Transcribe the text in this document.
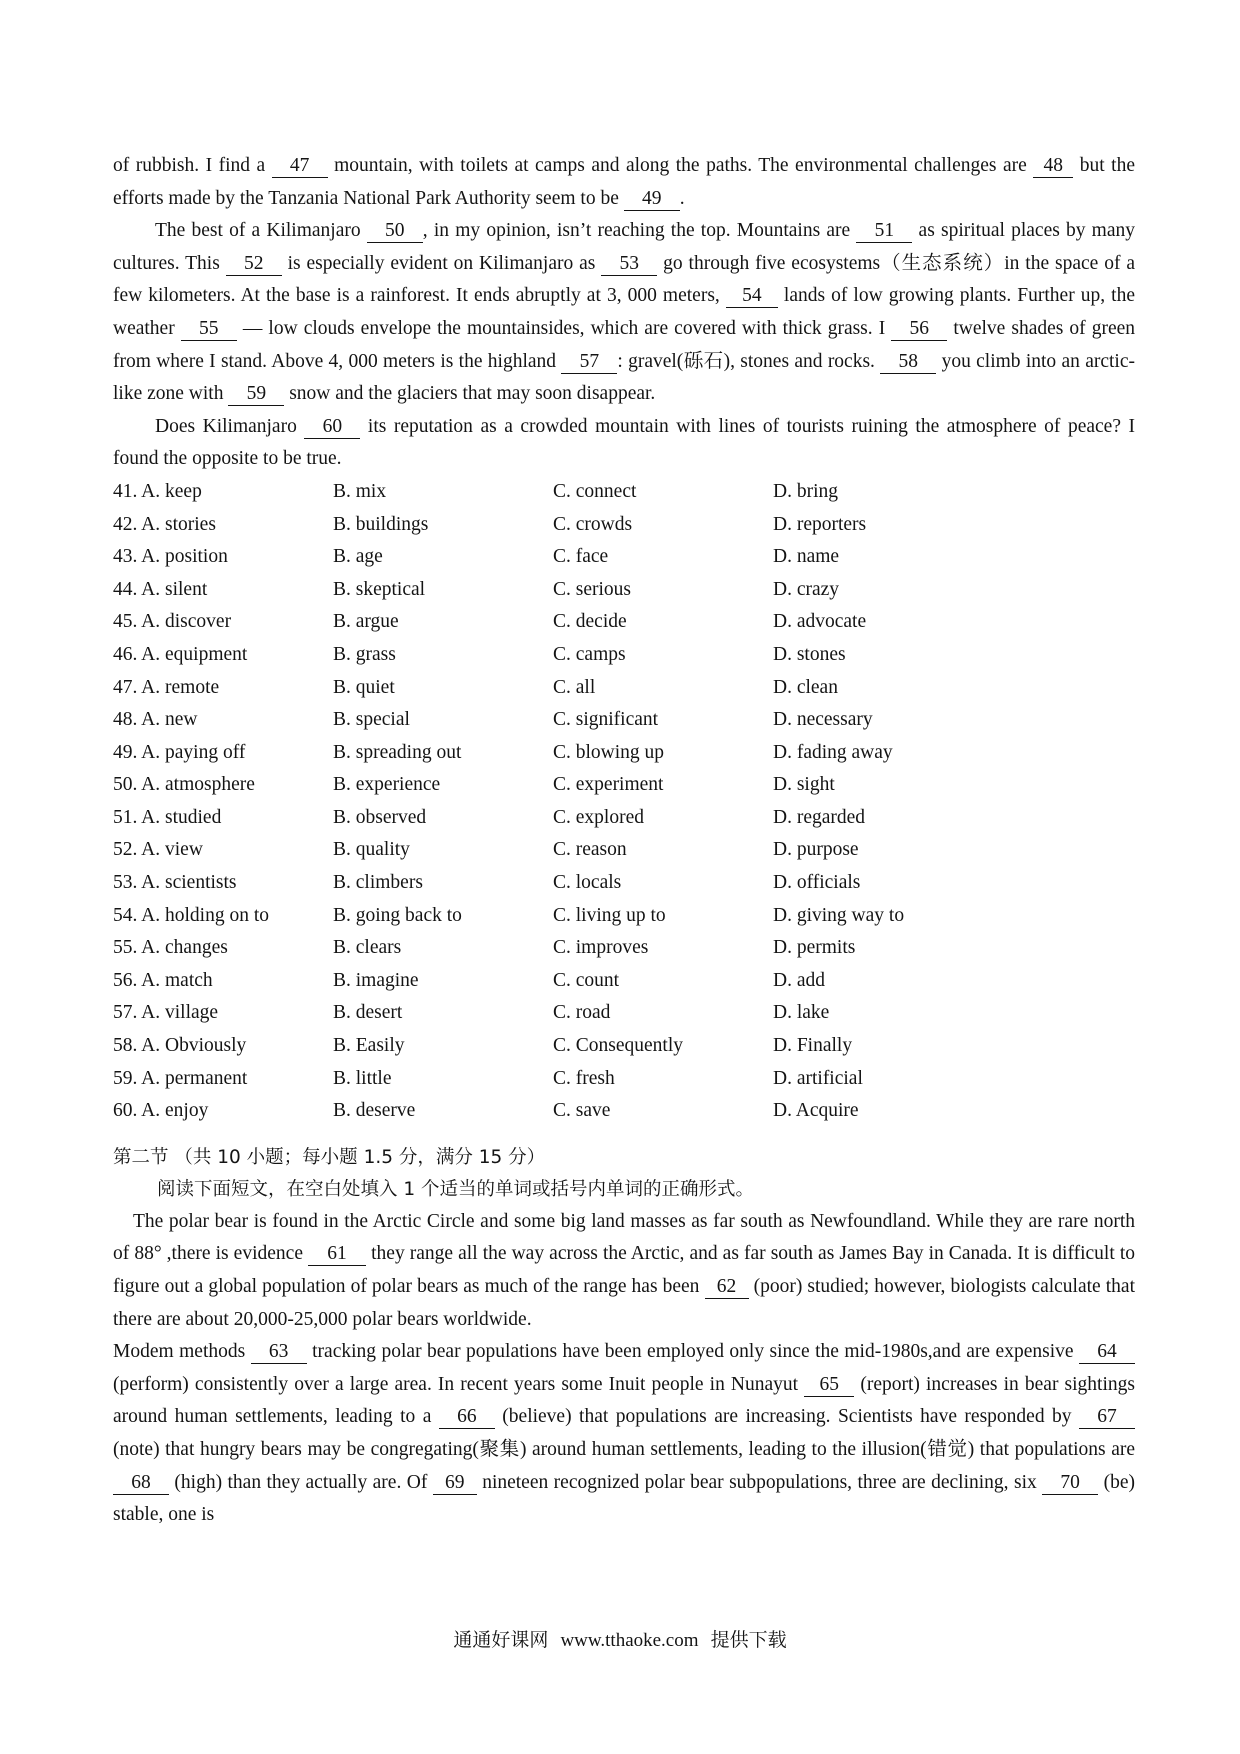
of rubbish. I find a 47 mountain, with toilets at camps and along the paths. The environmental challenges are 48 but the efforts made by the Tanzania National Park Authority seem to be 49 .

The best of a Kilimanjaro 50 , in my opinion, isn’t reaching the top. Mountains are 51 as spiritual places by many cultures. This 52 is especially evident on Kilimanjaro as 53 go through five ecosystems（生态系统）in the space of a few kilometers. At the base is a rainforest. It ends abruptly at 3, 000 meters, 54 lands of low growing plants. Further up, the weather 55 — low clouds envelope the mountainsides, which are covered with thick grass. I 56 twelve shades of green from where I stand. Above 4, 000 meters is the highland 57 : gravel(砾石), stones and rocks. 58 you climb into an arctic-like zone with 59 snow and the glaciers that may soon disappear.

Does Kilimanjaro 60 its reputation as a crowded mountain with lines of tourists ruining the atmosphere of peace? I found the opposite to be true.

41. A. keep	B. mix	C. connect	D. bring
42. A. stories	B. buildings	C. crowds	D. reporters
43. A. position	B. age	C. face	D. name
44. A. silent	B. skeptical	C. serious	D. crazy
45. A. discover	B. argue	C. decide	D. advocate
46. A. equipment	B. grass	C. camps	D. stones
47. A. remote	B. quiet	C. all	D. clean
48. A. new	B. special	C. significant	D. necessary
49. A. paying off	B. spreading out	C. blowing up	D. fading away
50. A. atmosphere	B. experience	C. experiment	D. sight
51. A. studied	B. observed	C. explored	D. regarded
52. A. view	B. quality	C. reason	D. purpose
53. A. scientists	B. climbers	C. locals	D. officials
54. A. holding on to	B. going back to	C. living up to	D. giving way to
55. A. changes	B. clears	C. improves	D. permits
56. A. match	B. imagine	C. count	D. add
57. A. village	B. desert	C. road	D. lake
58. A. Obviously	B. Easily	C. Consequently	D. Finally
59. A. permanent	B. little	C. fresh	D. artificial
60. A. enjoy	B. deserve	C. save	D. Acquire
第二节 （共 10 小题；每小题 1.5 分，满分 15 分）
阅读下面短文，在空白处填入 1 个适当的单词或括号内单词的正确形式。

The polar bear is found in the Arctic Circle and some big land masses as far south as Newfoundland. While they are rare north of 88° ,there is evidence 61 they range all the way across the Arctic, and as far south as James Bay in Canada. It is difficult to figure out a global population of polar bears as much of the range has been 62 (poor) studied; however, biologists calculate that there are about 20,000-25,000 polar bears worldwide.

Modem methods 63 tracking polar bear populations have been employed only since the mid-1980s,and are expensive 64 (perform) consistently over a large area. In recent years some Inuit people in Nunayut 65 (report) increases in bear sightings around human settlements, leading to a 66 (believe) that populations are increasing. Scientists have responded by 67 (note) that hungry bears may be congregating(聚集) around human settlements, leading to the illusion(错觉) that populations are 68 (high) than they actually are. Of 69 nineteen recognized polar bear subpopulations, three are declining, six 70 (be) stable, one is

通通好课网 www.tthaoke.com 提供下载
